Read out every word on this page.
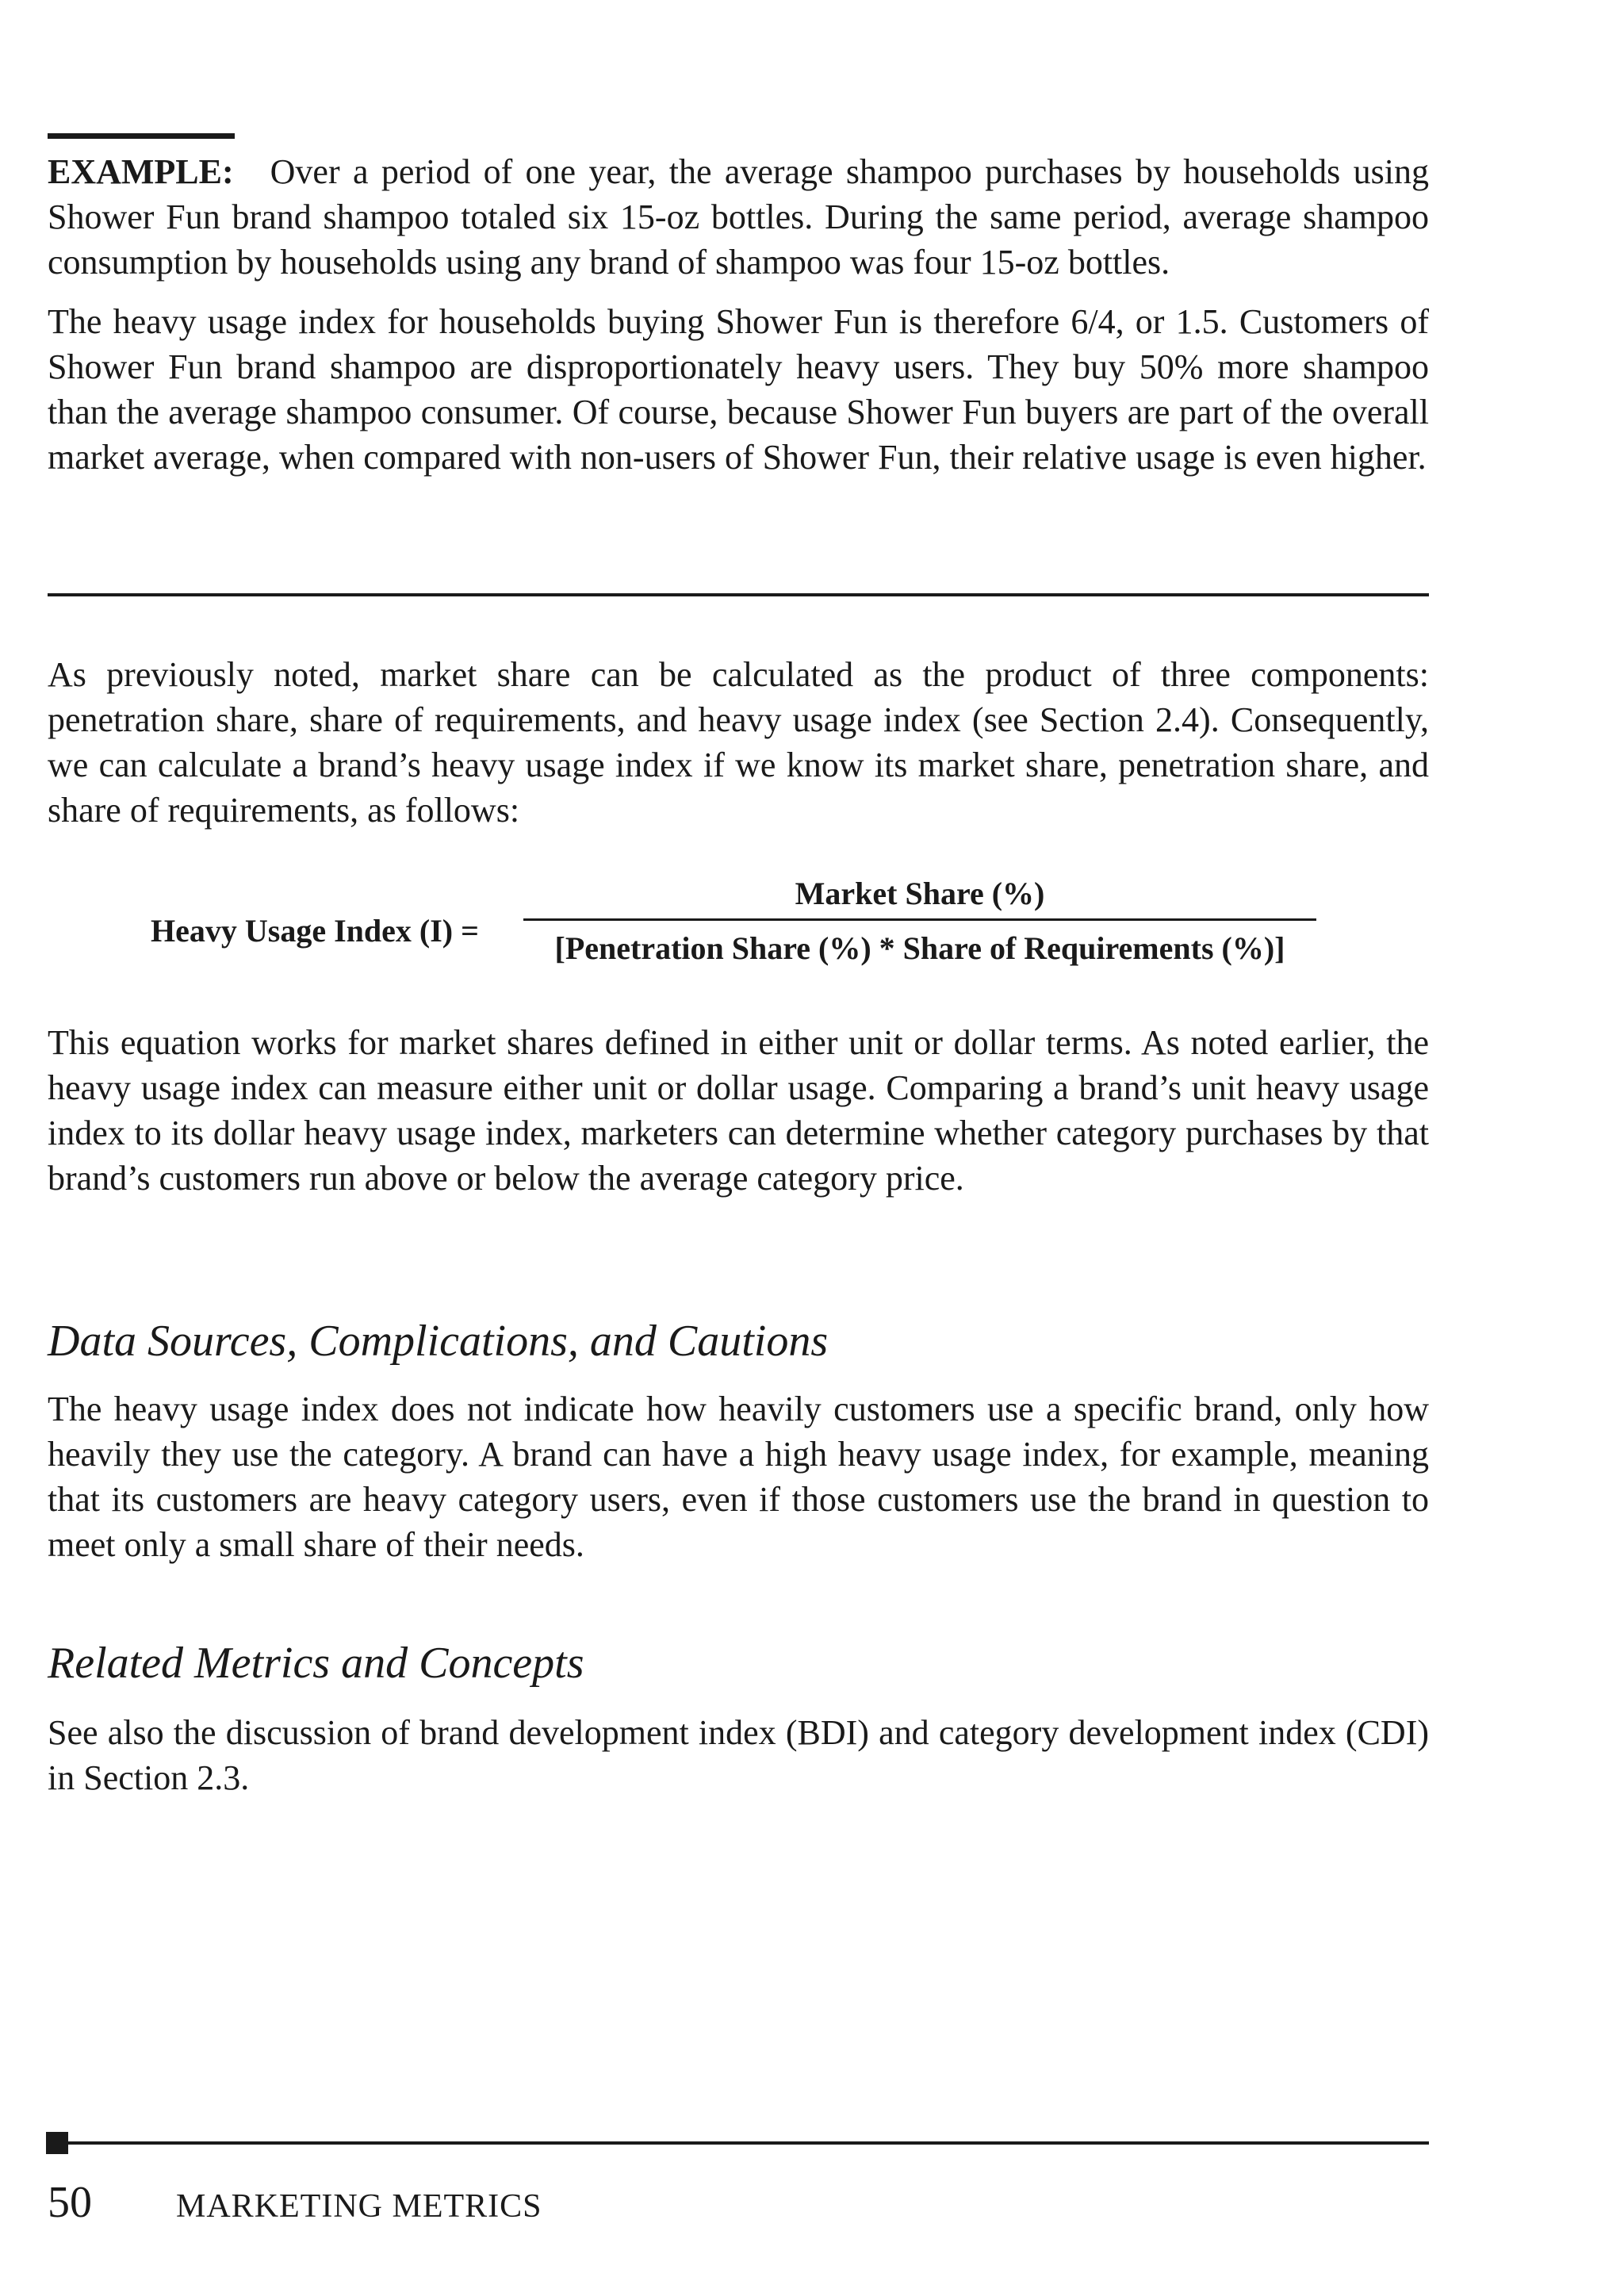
EXAMPLE: Over a period of one year, the average shampoo purchases by households using Shower Fun brand shampoo totaled six 15-oz bottles. During the same period, average shampoo consumption by households using any brand of shampoo was four 15-oz bottles.

The heavy usage index for households buying Shower Fun is therefore 6/4, or 1.5. Customers of Shower Fun brand shampoo are disproportionately heavy users. They buy 50% more shampoo than the average shampoo consumer. Of course, because Shower Fun buyers are part of the overall market average, when compared with non-users of Shower Fun, their relative usage is even higher.

As previously noted, market share can be calculated as the product of three components: penetration share, share of requirements, and heavy usage index (see Section 2.4). Consequently, we can calculate a brand’s heavy usage index if we know its market share, penetration share, and share of requirements, as follows:

Heavy Usage Index (I) =
Market Share (%)
[Penetration Share (%) * Share of Requirements (%)]

This equation works for market shares defined in either unit or dollar terms. As noted earlier, the heavy usage index can measure either unit or dollar usage. Comparing a brand’s unit heavy usage index to its dollar heavy usage index, marketers can determine whether category purchases by that brand’s customers run above or below the average category price.

Data Sources, Complications, and Cautions

The heavy usage index does not indicate how heavily customers use a specific brand, only how heavily they use the category. A brand can have a high heavy usage index, for example, meaning that its customers are heavy category users, even if those customers use the brand in question to meet only a small share of their needs.

Related Metrics and Concepts

See also the discussion of brand development index (BDI) and category development index (CDI) in Section 2.3.

50	MARKETING METRICS
